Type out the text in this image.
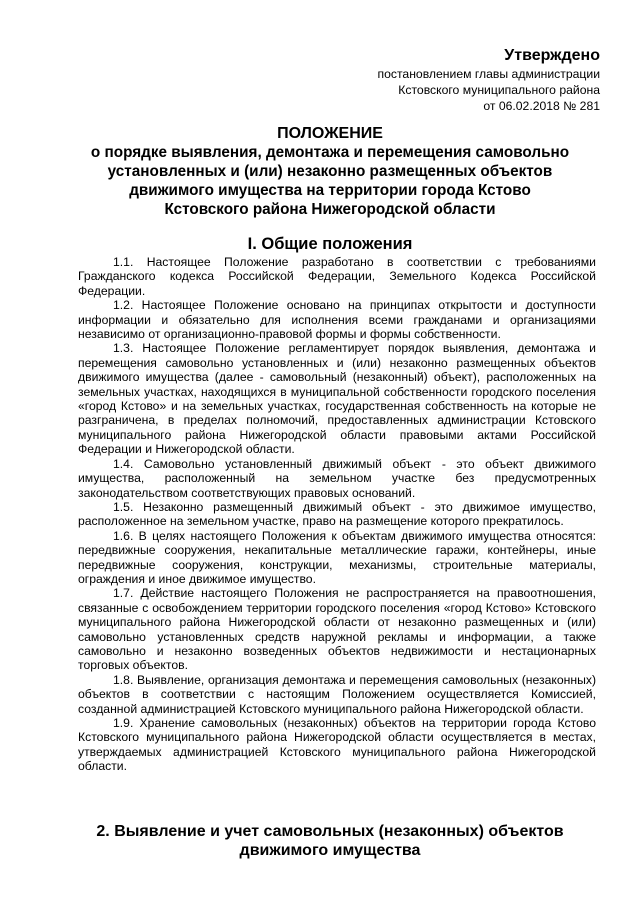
Утверждено
постановлением главы администрации
Кстовского муниципального района
от 06.02.2018 № 281
ПОЛОЖЕНИЕ
о порядке выявления, демонтажа и перемещения самовольно
установленных и (или) незаконно размещенных объектов
движимого имущества на территории города Кстово
Кстовского района Нижегородской области
I. Общие положения

1.1. Настоящее Положение разработано в соответствии с требованиями Гражданского кодекса Российской Федерации, Земельного Кодекса Российской Федерации.

1.2. Настоящее Положение основано на принципах открытости и доступности информации и обязательно для исполнения всеми гражданами и организациями независимо от организационно-правовой формы и формы собственности.

1.3. Настоящее Положение регламентирует порядок выявления, демонтажа и перемещения самовольно установленных и (или) незаконно размещенных объектов движимого имущества (далее - самовольный (незаконный) объект), расположенных на земельных участках, находящихся в муниципальной собственности городского поселения «город Кстово» и на земельных участках, государственная собственность на которые не разграничена, в пределах полномочий, предоставленных администрации Кстовского муниципального района Нижегородской области правовыми актами Российской Федерации и Нижегородской области.

1.4. Самовольно установленный движимый объект - это объект движимого имущества, расположенный на земельном участке без предусмотренных законодательством соответствующих правовых оснований.

1.5. Незаконно размещенный движимый объект - это движимое имущество, расположенное на земельном участке, право на размещение которого прекратилось.

1.6. В целях настоящего Положения к объектам движимого имущества относятся: передвижные сооружения, некапитальные металлические гаражи, контейнеры, иные передвижные сооружения, конструкции, механизмы, строительные материалы, ограждения и иное движимое имущество.

1.7. Действие настоящего Положения не распространяется на правоотношения, связанные с освобождением территории городского поселения «город Кстово» Кстовского муниципального района Нижегородской области от незаконно размещенных и (или) самовольно установленных средств наружной рекламы и информации, а также самовольно и незаконно возведенных объектов недвижимости и нестационарных торговых объектов.

1.8. Выявление, организация демонтажа и перемещения самовольных (незаконных) объектов в соответствии с настоящим Положением осуществляется Комиссией, созданной администрацией Кстовского муниципального района Нижегородской области.

1.9. Хранение самовольных (незаконных) объектов на территории города Кстово Кстовского муниципального района Нижегородской области осуществляется в местах, утверждаемых администрацией Кстовского муниципального района Нижегородской области.

2. Выявление и учет самовольных (незаконных) объектов
движимого имущества
